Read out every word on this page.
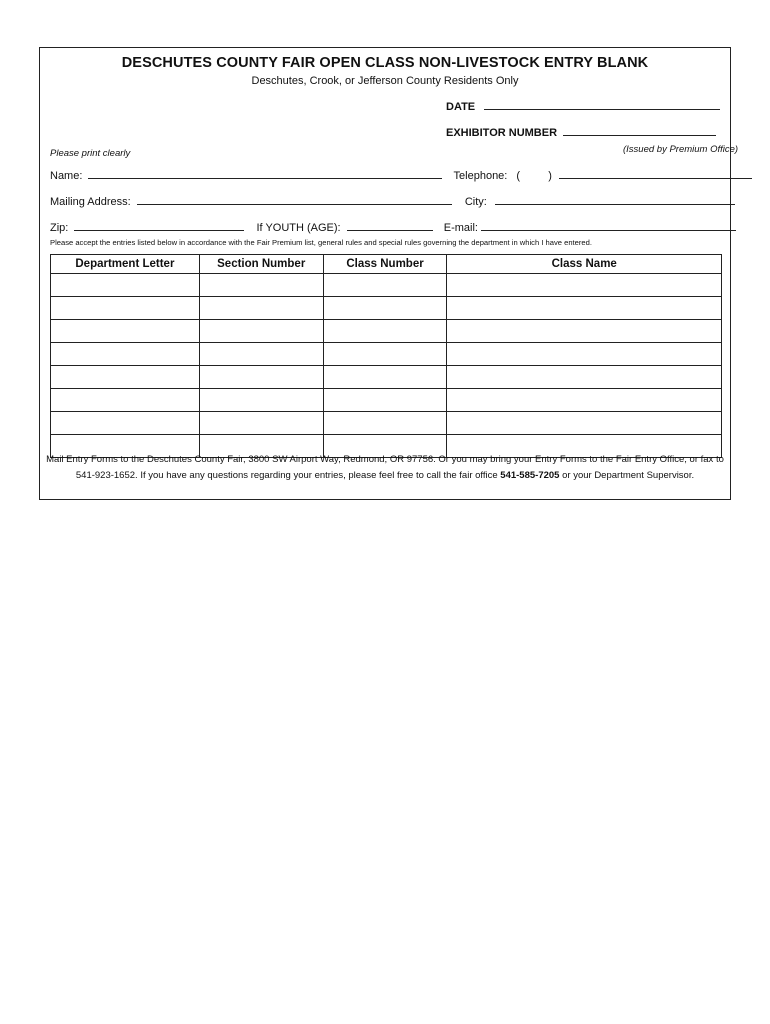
DESCHUTES COUNTY FAIR OPEN CLASS NON-LIVESTOCK ENTRY BLANK
Deschutes, Crook, or Jefferson County Residents Only
DATE
EXHIBITOR NUMBER
(Issued by Premium Office)
Please print clearly
Name:	Telephone: (	)
Mailing Address:	City:
Zip:	If YOUTH (AGE):	E-mail:
Please accept the entries listed below in accordance with the Fair Premium list, general rules and special rules governing the department in which I have entered.
Department Letter	Section Number	Class Number	Class Name

Mail Entry Forms to the Deschutes County Fair, 3800 SW Airport Way, Redmond, OR 97756. Or you may bring your Entry Forms to the Fair Entry Office, or fax to
541-923-1652. If you have any questions regarding your entries, please feel free to call the fair office 541-585-7205 or your Department Supervisor.
